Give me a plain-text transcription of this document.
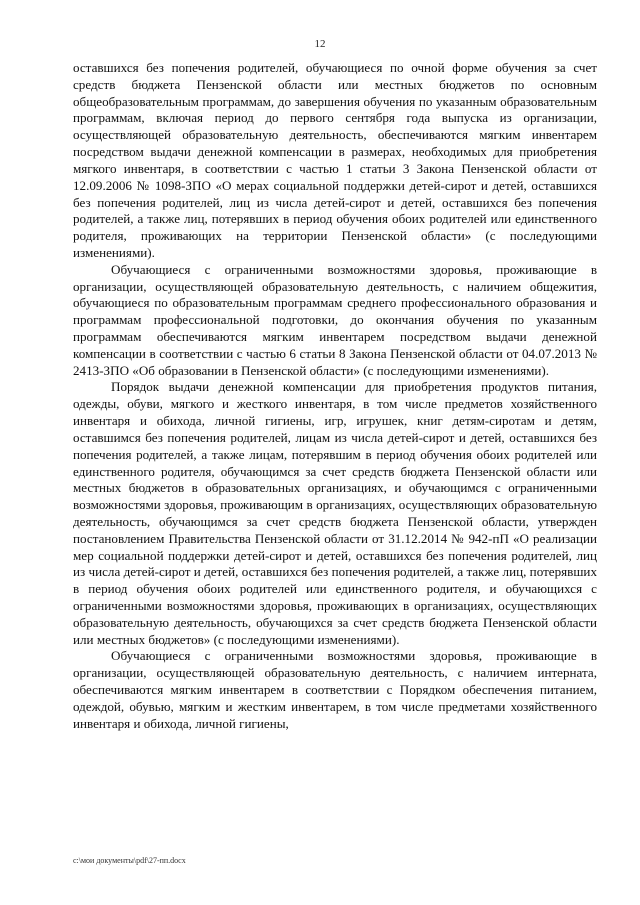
12

оставшихся без попечения родителей, обучающиеся по очной форме обучения за счет средств бюджета Пензенской области или местных бюджетов по основным общеобразовательным программам, до завершения обучения по указанным образовательным программам, включая период до первого сентября года выпуска из организации, осуществляющей образовательную деятельность, обеспечиваются мягким инвентарем посредством выдачи денежной компенсации в размерах, необходимых для приобретения мягкого инвентаря, в соответствии с частью 1 статьи 3 Закона Пензенской области от 12.09.2006 № 1098-ЗПО «О мерах социальной поддержки детей-сирот и детей, оставшихся без попечения родителей, лиц из числа детей-сирот и детей, оставшихся без попечения родителей, а также лиц, потерявших в период обучения обоих родителей или единственного родителя, проживающих на территории Пензенской области» (с последующими изменениями).

Обучающиеся с ограниченными возможностями здоровья, проживающие в организации, осуществляющей образовательную деятельность, с наличием общежития, обучающиеся по образовательным программам среднего профессионального образования и программам профессиональной подготовки, до окончания обучения по указанным программам обеспечиваются мягким инвентарем посредством выдачи денежной компенсации в соответствии с частью 6 статьи 8 Закона Пензенской области от 04.07.2013 № 2413-ЗПО «Об образовании в Пензенской области» (с последующими изменениями).

Порядок выдачи денежной компенсации для приобретения продуктов питания, одежды, обуви, мягкого и жесткого инвентаря, в том числе предметов хозяйственного инвентаря и обихода, личной гигиены, игр, игрушек, книг детям-сиротам и детям, оставшимся без попечения родителей, лицам из числа детей-сирот и детей, оставшихся без попечения родителей, а также лицам, потерявшим в период обучения обоих родителей или единственного родителя, обучающимся за счет средств бюджета Пензенской области или местных бюджетов в образовательных организациях, и обучающимся с ограниченными возможностями здоровья, проживающим в организациях, осуществляющих образовательную деятельность, обучающимся за счет средств бюджета Пензенской области, утвержден постановлением Правительства Пензенской области от 31.12.2014 № 942-пП «О реализации мер социальной поддержки детей-сирот и детей, оставшихся без попечения родителей, лиц из числа детей-сирот и детей, оставшихся без попечения родителей, а также лиц, потерявших в период обучения обоих родителей или единственного родителя, и обучающихся с ограниченными возможностями здоровья, проживающих в организациях, осуществляющих образовательную деятельность, обучающихся за счет средств бюджета Пензенской области или местных бюджетов» (с последующими изменениями).

Обучающиеся с ограниченными возможностями здоровья, проживающие в организации, осуществляющей образовательную деятельность, с наличием интерната, обеспечиваются мягким инвентарем в соответствии с Порядком обеспечения питанием, одеждой, обувью, мягким и жестким инвентарем, в том числе предметами хозяйственного инвентаря и обихода, личной гигиены,

c:\мои документы\pdf\27-пп.docx
